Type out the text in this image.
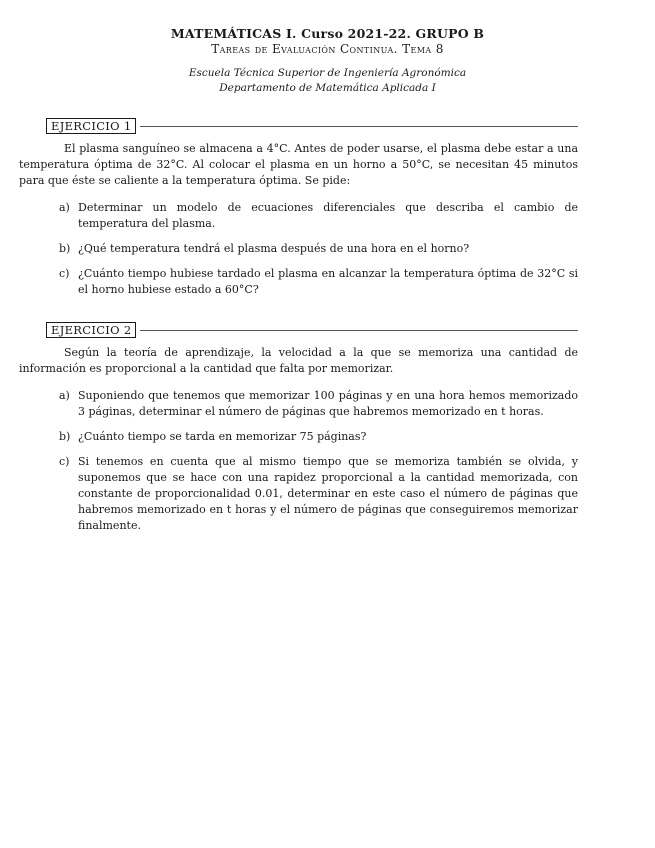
MATEMÁTICAS I. Curso 2021-22. GRUPO B
Tareas de Evaluación Continua. Tema 8
Escuela Técnica Superior de Ingeniería Agronómica
Departamento de Matemática Aplicada I
EJERCICIO 1

El plasma sanguíneo se almacena a 4°C. Antes de poder usarse, el plasma debe estar a una temperatura óptima de 32°C. Al colocar el plasma en un horno a 50°C, se necesitan 45 minutos para que éste se caliente a la temperatura óptima. Se pide:

a) Determinar un modelo de ecuaciones diferenciales que describa el cambio de temperatura del plasma.
b) ¿Qué temperatura tendrá el plasma después de una hora en el horno?
c) ¿Cuánto tiempo hubiese tardado el plasma en alcanzar la temperatura óptima de 32°C si el horno hubiese estado a 60°C?
EJERCICIO 2

Según la teoría de aprendizaje, la velocidad a la que se memoriza una cantidad de información es proporcional a la cantidad que falta por memorizar.

a) Suponiendo que tenemos que memorizar 100 páginas y en una hora hemos memorizado 3 páginas, determinar el número de páginas que habremos memorizado en t horas.
b) ¿Cuánto tiempo se tarda en memorizar 75 páginas?
c) Si tenemos en cuenta que al mismo tiempo que se memoriza también se olvida, y suponemos que se hace con una rapidez proporcional a la cantidad memorizada, con constante de proporcionalidad 0.01, determinar en este caso el número de páginas que habremos memorizado en t horas y el número de páginas que conseguiremos memorizar finalmente.
